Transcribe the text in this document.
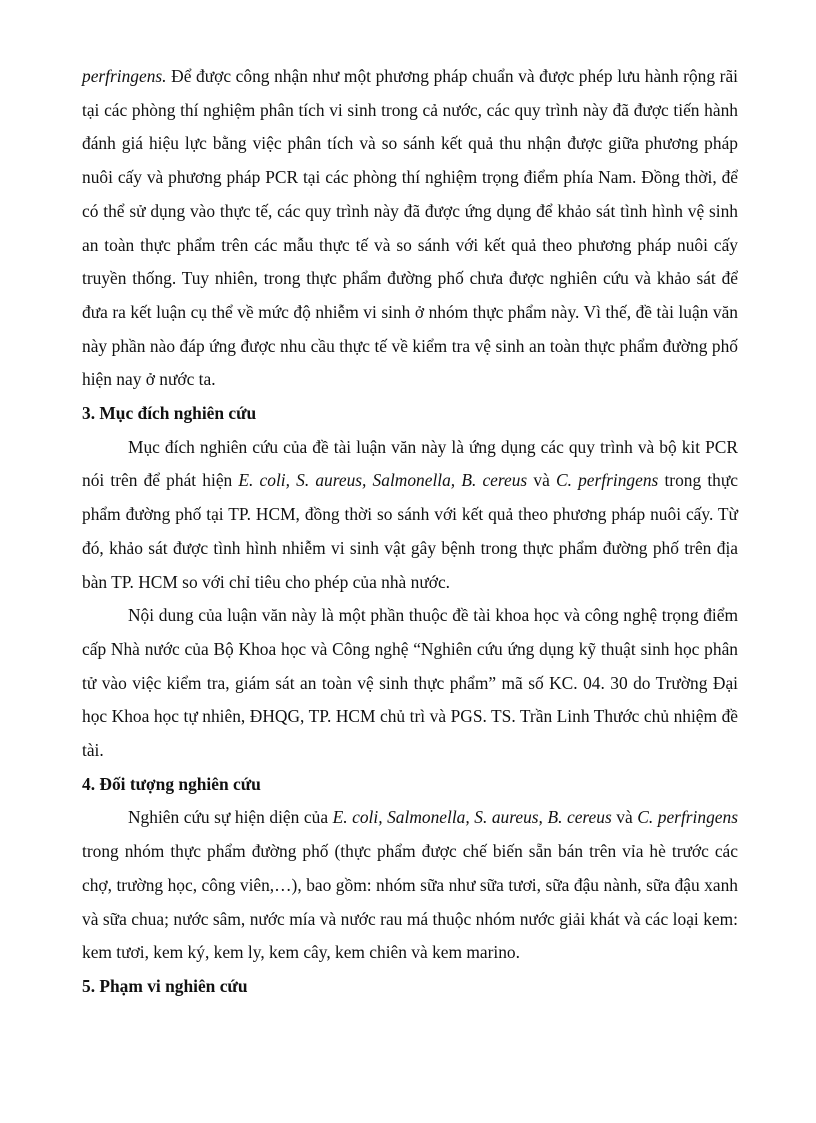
perfringens. Để được công nhận như một phương pháp chuẩn và được phép lưu hành rộng rãi tại các phòng thí nghiệm phân tích vi sinh trong cả nước, các quy trình này đã được tiến hành đánh giá hiệu lực bằng việc phân tích và so sánh kết quả thu nhận được giữa phương pháp nuôi cấy và phương pháp PCR tại các phòng thí nghiệm trọng điểm phía Nam. Đồng thời, để có thể sử dụng vào thực tế, các quy trình này đã được ứng dụng để khảo sát tình hình vệ sinh an toàn thực phẩm trên các mẫu thực tế và so sánh với kết quả theo phương pháp nuôi cấy truyền thống. Tuy nhiên, trong thực phẩm đường phố chưa được nghiên cứu và khảo sát để đưa ra kết luận cụ thể về mức độ nhiễm vi sinh ở nhóm thực phẩm này. Vì thế, đề tài luận văn này phần nào đáp ứng được nhu cầu thực tế về kiểm tra vệ sinh an toàn thực phẩm đường phố hiện nay ở nước ta.

3. Mục đích nghiên cứu

Mục đích nghiên cứu của đề tài luận văn này là ứng dụng các quy trình và bộ kit PCR nói trên để phát hiện E. coli, S. aureus, Salmonella, B. cereus và C. perfringens trong thực phẩm đường phố tại TP. HCM, đồng thời so sánh với kết quả theo phương pháp nuôi cấy. Từ đó, khảo sát được tình hình nhiễm vi sinh vật gây bệnh trong thực phẩm đường phố trên địa bàn TP. HCM so với chỉ tiêu cho phép của nhà nước.

Nội dung của luận văn này là một phần thuộc đề tài khoa học và công nghệ trọng điểm cấp Nhà nước của Bộ Khoa học và Công nghệ “Nghiên cứu ứng dụng kỹ thuật sinh học phân tử vào việc kiểm tra, giám sát an toàn vệ sinh thực phẩm” mã số KC. 04. 30 do Trường Đại học Khoa học tự nhiên, ĐHQG, TP. HCM chủ trì và PGS. TS. Trần Linh Thước chủ nhiệm đề tài.

4. Đối tượng nghiên cứu

Nghiên cứu sự hiện diện của E. coli, Salmonella, S. aureus, B. cereus và C. perfringens trong nhóm thực phẩm đường phố (thực phẩm được chế biến sẵn bán trên vỉa hè trước các chợ, trường học, công viên,…), bao gồm: nhóm sữa như sữa tươi, sữa đậu nành, sữa đậu xanh và sữa chua; nước sâm, nước mía và nước rau má thuộc nhóm nước giải khát và các loại kem: kem tươi, kem ký, kem ly, kem cây, kem chiên và kem marino.

5. Phạm vi nghiên cứu
